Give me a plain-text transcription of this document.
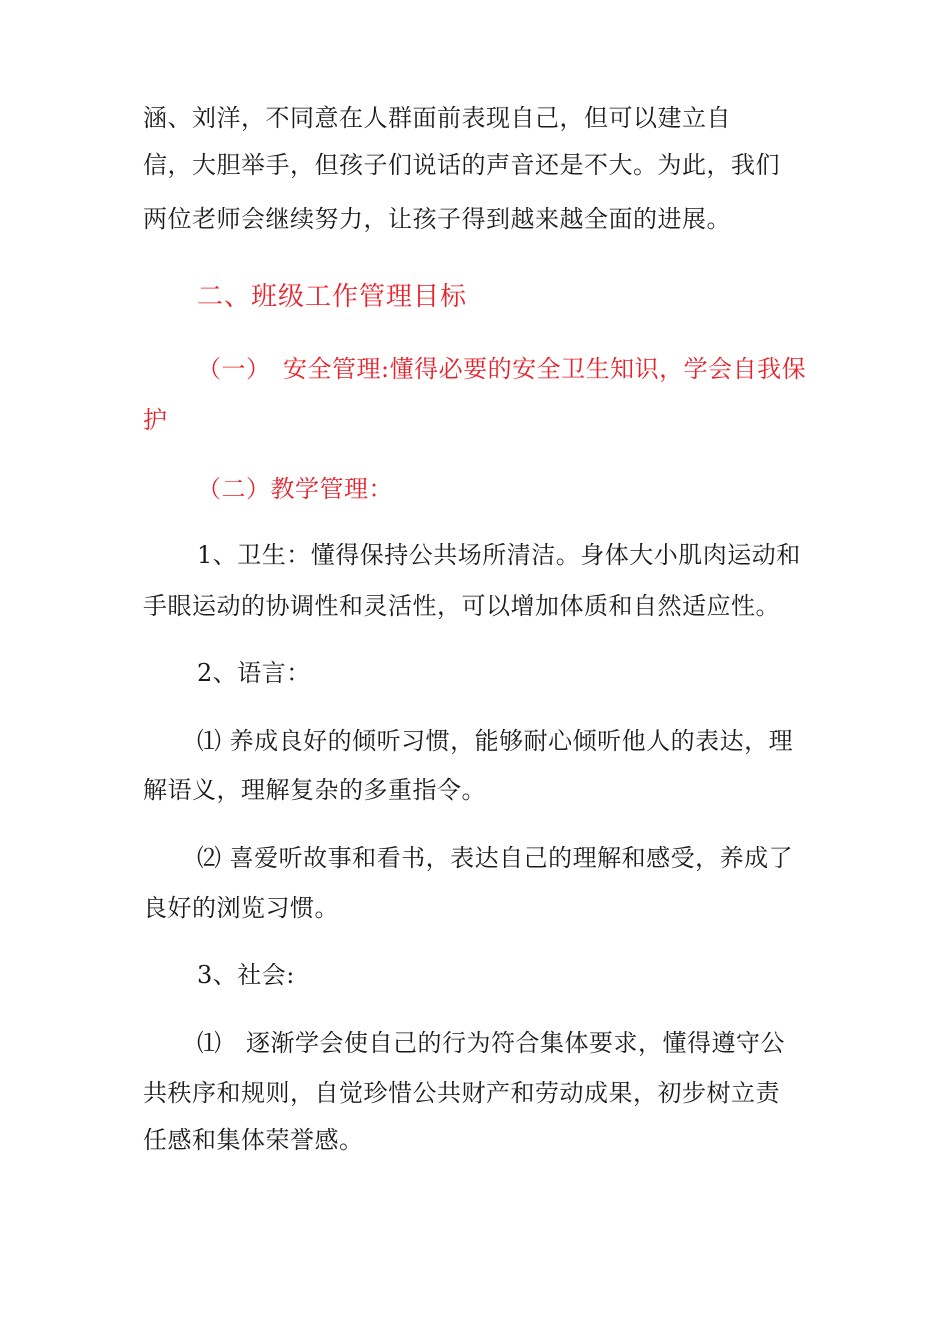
涵、刘洋，不同意在人群面前表现自己，但可以建立自
信，大胆举手，但孩子们说话的声音还是不大。为此，我们
两位老师会继续努力，让孩子得到越来越全面的进展。
二、班级工作管理目标
（一）　安全管理:懂得必要的安全卫生知识，学会自我保
护
（二）教学管理：
1、卫生：懂得保持公共场所清洁。身体大小肌肉运动和
手眼运动的协调性和灵活性，可以增加体质和自然适应性。
2、语言：
⑴ 养成良好的倾听习惯，能够耐心倾听他人的表达，理
解语义，理解复杂的多重指令。
⑵ 喜爱听故事和看书，表达自己的理解和感受，养成了
良好的浏览习惯。
3、社会:
⑴　逐渐学会使自己的行为符合集体要求，懂得遵守公
共秩序和规则，自觉珍惜公共财产和劳动成果，初步树立责
任感和集体荣誉感。
